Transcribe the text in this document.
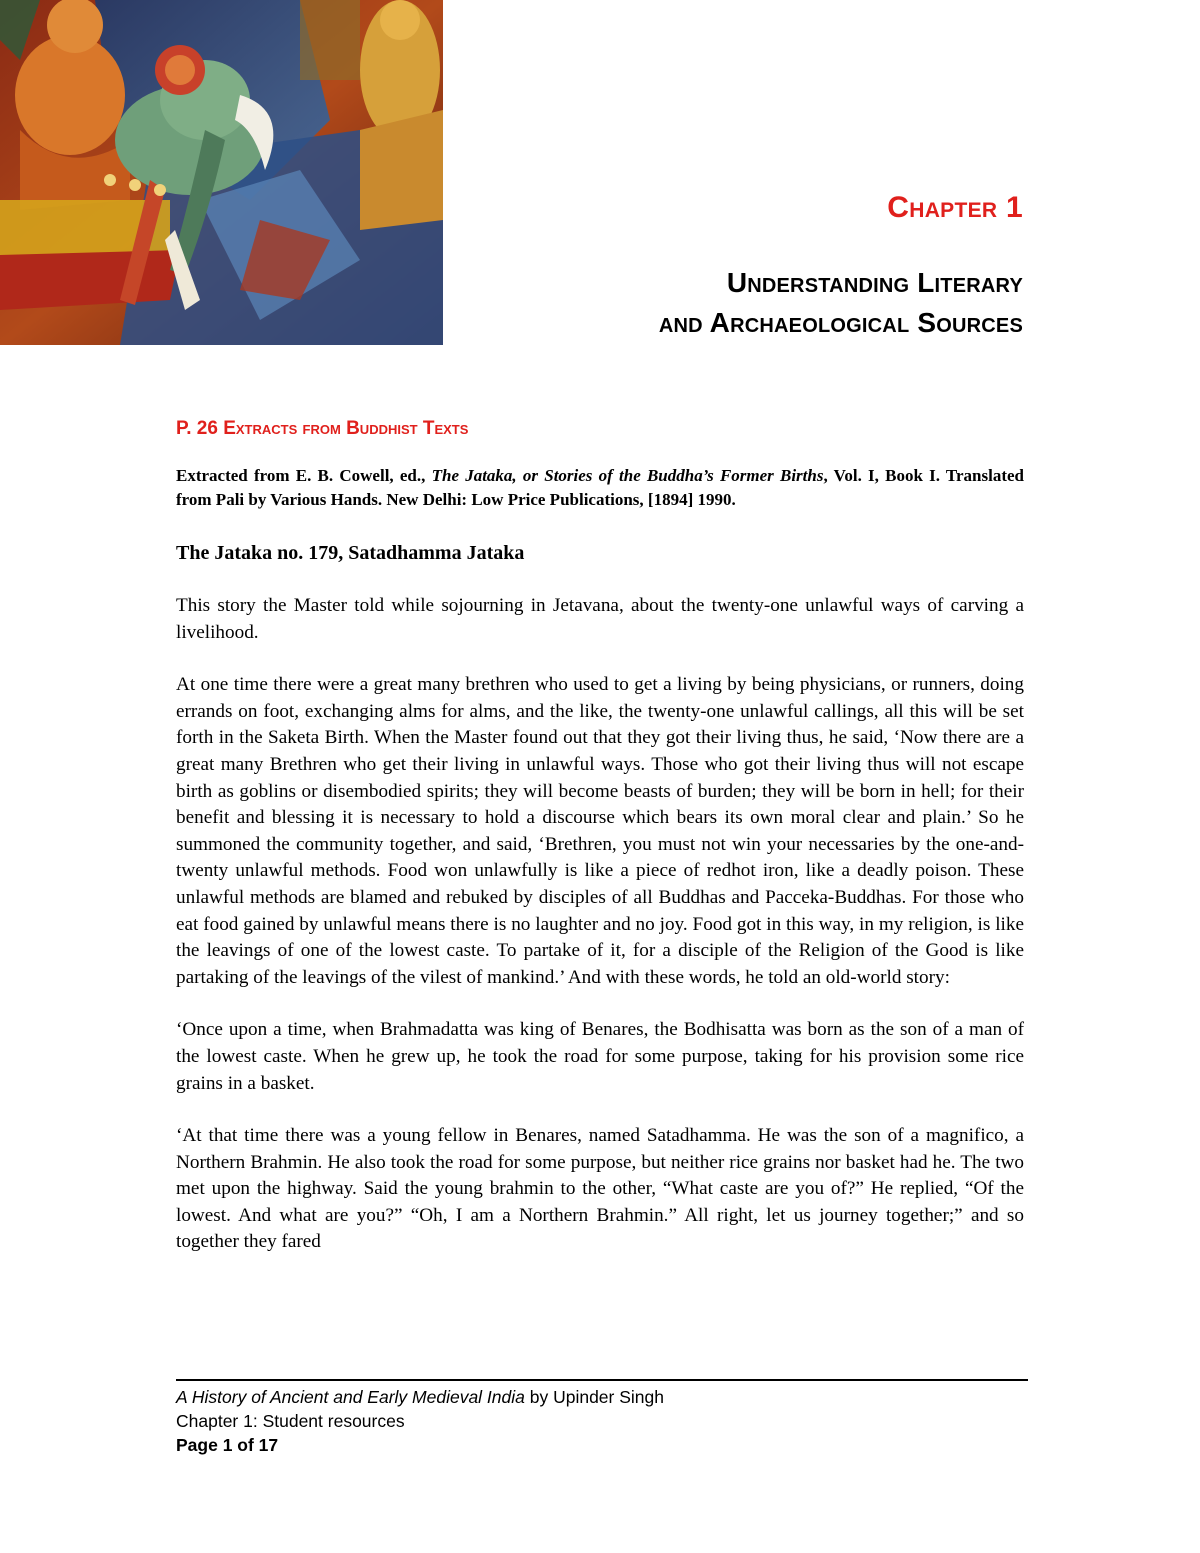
Chapter 1
Understanding Literary
and Archaeological Sources
P. 26 Extracts from Buddhist Texts

Extracted from E. B. Cowell, ed., The Jataka, or Stories of the Buddha’s Former Births, Vol. I, Book I. Translated from Pali by Various Hands. New Delhi: Low Price Publications, [1894] 1990.

The Jataka no. 179, Satadhamma Jataka

This story the Master told while sojourning in Jetavana, about the twenty-one unlawful ways of carving a livelihood.

At one time there were a great many brethren who used to get a living by being physicians, or runners, doing errands on foot, exchanging alms for alms, and the like, the twenty-one unlawful callings, all this will be set forth in the Saketa Birth. When the Master found out that they got their living thus, he said, ‘Now there are a great many Brethren who get their living in unlawful ways. Those who got their living thus will not escape birth as goblins or disembodied spirits; they will become beasts of burden; they will be born in hell; for their benefit and blessing it is necessary to hold a discourse which bears its own moral clear and plain.’ So he summoned the community together, and said, ‘Brethren, you must not win your necessaries by the one-and-twenty unlawful methods. Food won unlawfully is like a piece of redhot iron, like a deadly poison. These unlawful methods are blamed and rebuked by disciples of all Buddhas and Pacceka-Buddhas. For those who eat food gained by unlawful means there is no laughter and no joy. Food got in this way, in my religion, is like the leavings of one of the lowest caste. To partake of it, for a disciple of the Religion of the Good is like partaking of the leavings of the vilest of mankind.’ And with these words, he told an old-world story:

‘Once upon a time, when Brahmadatta was king of Benares, the Bodhisatta was born as the son of a man of the lowest caste. When he grew up, he took the road for some purpose, taking for his provision some rice grains in a basket.

‘At that time there was a young fellow in Benares, named Satadhamma. He was the son of a magnifico, a Northern Brahmin. He also took the road for some purpose, but neither rice grains nor basket had he. The two met upon the highway. Said the young brahmin to the other, “What caste are you of?” He replied, “Of the lowest. And what are you?” “Oh, I am a Northern Brahmin.” All right, let us journey together;” and so together they fared

A History of Ancient and Early Medieval India by Upinder Singh
Chapter 1: Student resources
Page 1 of 17
